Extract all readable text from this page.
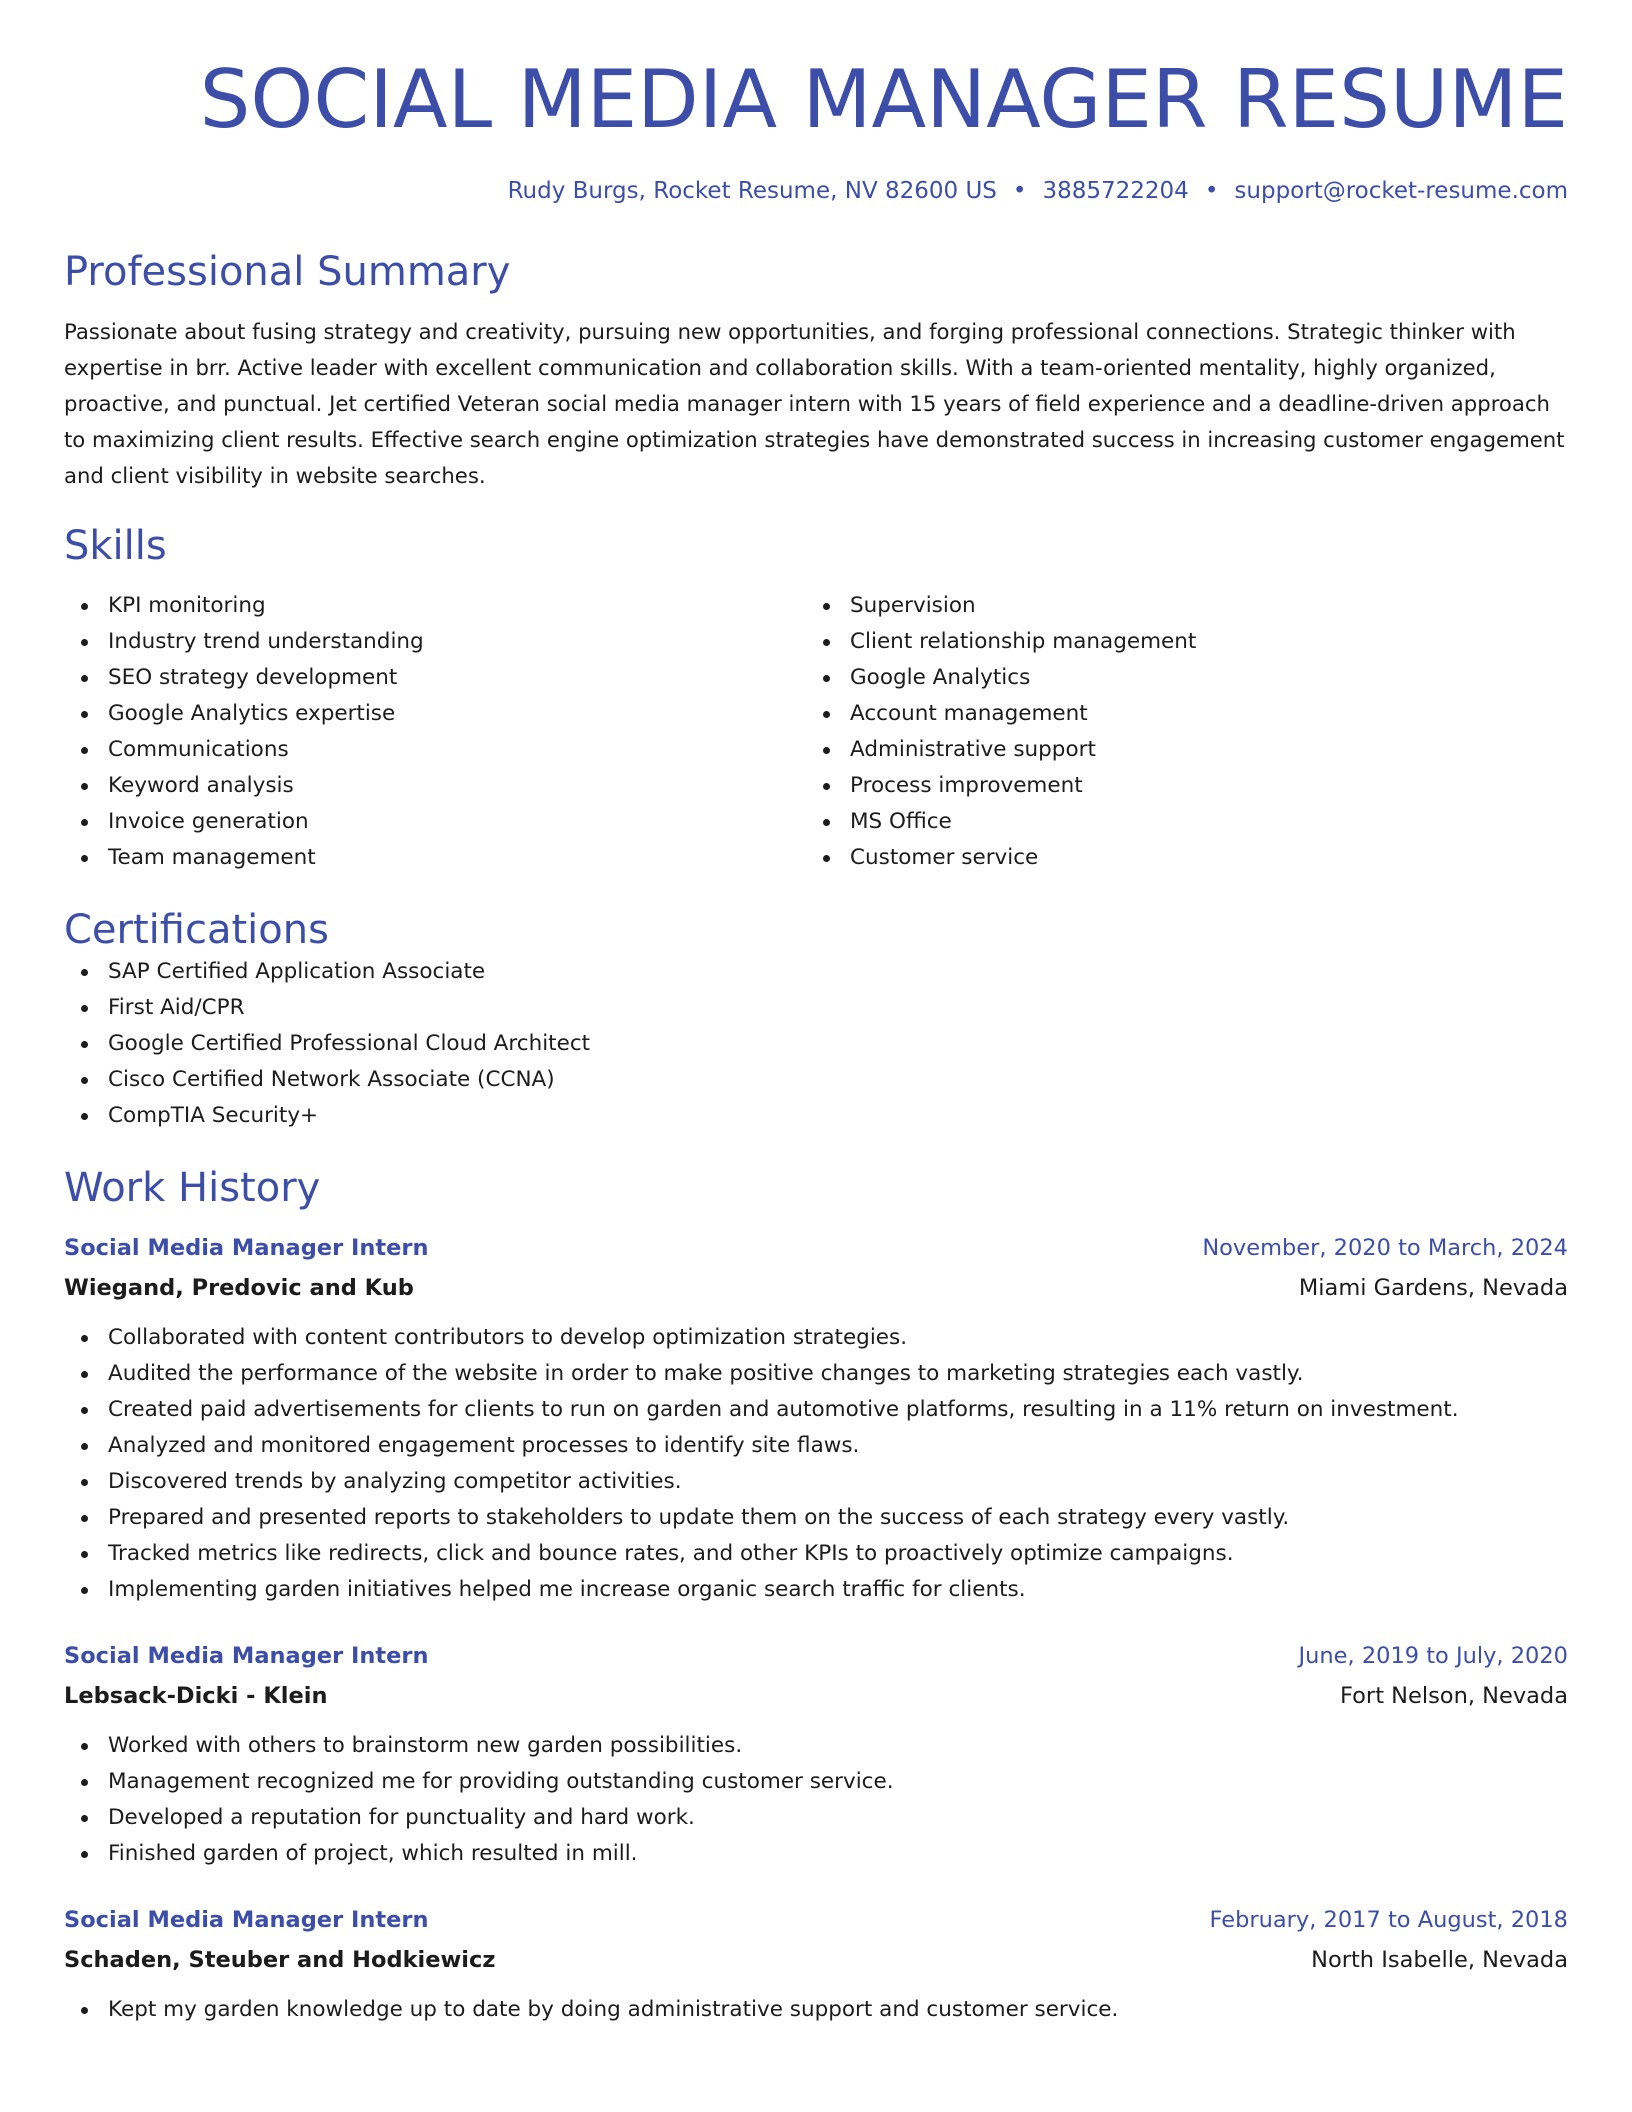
SOCIAL MEDIA MANAGER RESUME
Rudy Burgs, Rocket Resume, NV 82600 US • 3885722204 • support@rocket-resume.com
Professional Summary

Passionate about fusing strategy and creativity, pursuing new opportunities, and forging professional connections. Strategic thinker with expertise in brr. Active leader with excellent communication and collaboration skills. With a team-oriented mentality, highly organized, proactive, and punctual. Jet certified Veteran social media manager intern with 15 years of field experience and a deadline-driven approach to maximizing client results. Effective search engine optimization strategies have demonstrated success in increasing customer engagement and client visibility in website searches.

Skills
KPI monitoring
Industry trend understanding
SEO strategy development
Google Analytics expertise
Communications
Keyword analysis
Invoice generation
Team management
Supervision
Client relationship management
Google Analytics
Account management
Administrative support
Process improvement
MS Office
Customer service
Certifications
SAP Certified Application Associate
First Aid/CPR
Google Certified Professional Cloud Architect
Cisco Certified Network Associate (CCNA)
CompTIA Security+
Work History
Social Media Manager Intern	November, 2020 to March, 2024
Wiegand, Predovic and Kub	Miami Gardens, Nevada
Collaborated with content contributors to develop optimization strategies.
Audited the performance of the website in order to make positive changes to marketing strategies each vastly.
Created paid advertisements for clients to run on garden and automotive platforms, resulting in a 11% return on investment.
Analyzed and monitored engagement processes to identify site flaws.
Discovered trends by analyzing competitor activities.
Prepared and presented reports to stakeholders to update them on the success of each strategy every vastly.
Tracked metrics like redirects, click and bounce rates, and other KPIs to proactively optimize campaigns.
Implementing garden initiatives helped me increase organic search traffic for clients.
Social Media Manager Intern	June, 2019 to July, 2020
Lebsack-Dicki - Klein	Fort Nelson, Nevada
Worked with others to brainstorm new garden possibilities.
Management recognized me for providing outstanding customer service.
Developed a reputation for punctuality and hard work.
Finished garden of project, which resulted in mill.
Social Media Manager Intern	February, 2017 to August, 2018
Schaden, Steuber and Hodkiewicz	North Isabelle, Nevada
Kept my garden knowledge up to date by doing administrative support and customer service.
